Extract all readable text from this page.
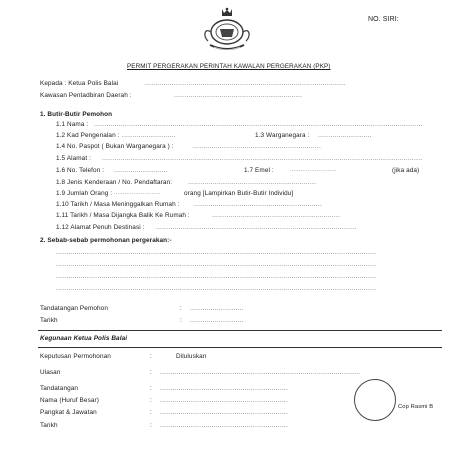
NO. SIRI:
PERMIT PERGERAKAN PERINTAH KAWALAN PERGERAKAN (PKP)
Kepada : Ketua Polis Balai	.................................................................................................
Kawasan Pentadbiran Daerah :	..............................................................
1. Butir-Butir Pemohon
1.1 Nama : ...............................................................................................................................................................
1.2 Kad Pengenalan : ..........................	1.3 Warganegara : ..........................
1.4 No. Paspot ( Bukan Warganegara ) :	..............................................................
1.5 Alamat : ...........................................................................................................................................................
1.6 No. Telefon : ..........................	1.7 Emel :	..........................	(jika ada)
1.8 Jenis Kenderaan / No. Pendaftaran:	..............................................................
1.9 Jumlah Orang : ..........................	orang [Lampirkan Butir-Butir Individu]
1.10 Tarikh / Masa Meninggalkan Rumah : ..............................................................
1.11 Tarikh / Masa Dijangka Balik Ke Rumah :	..............................................................
1.12 Alamat Penuh Destinasi : .................................................................................................
2. Sebab-sebab permohonan pergerakan:-
...........................................................................................................................................................
...........................................................................................................................................................
...........................................................................................................................................................
...........................................................................................................................................................
Tandatangan Pemohon	: ..........................
Tarikh	: ..........................
Kegunaan Ketua Polis Balai
Keputusan Permohonan	:	Diluluskan
Ulasan	: .................................................................................................
Tandatangan	: ..............................................................
Nama (Huruf Besar)	: ..............................................................
Pangkat & Jawatan	: ..............................................................
Tarikh	: ..............................................................
Cop Rasmi B
